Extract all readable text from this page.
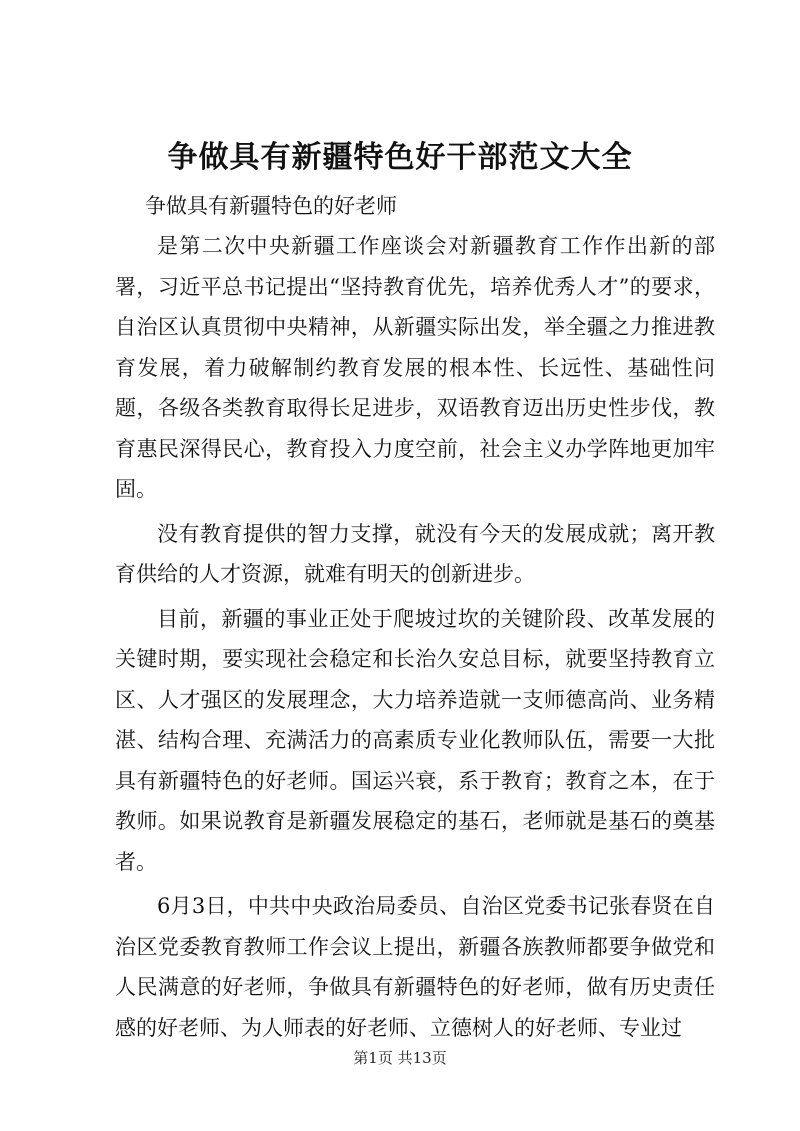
争做具有新疆特色好干部范文大全
争做具有新疆特色的好老师

是第二次中央新疆工作座谈会对新疆教育工作作出新的部署，习近平总书记提出“坚持教育优先，培养优秀人才”的要求，自治区认真贯彻中央精神，从新疆实际出发，举全疆之力推进教育发展，着力破解制约教育发展的根本性、长远性、基础性问题，各级各类教育取得长足进步，双语教育迈出历史性步伐，教育惠民深得民心，教育投入力度空前，社会主义办学阵地更加牢固。

没有教育提供的智力支撑，就没有今天的发展成就；离开教育供给的人才资源，就难有明天的创新进步。

目前，新疆的事业正处于爬坡过坎的关键阶段、改革发展的关键时期，要实现社会稳定和长治久安总目标，就要坚持教育立区、人才强区的发展理念，大力培养造就一支师德高尚、业务精湛、结构合理、充满活力的高素质专业化教师队伍，需要一大批具有新疆特色的好老师。国运兴衰，系于教育；教育之本，在于教师。如果说教育是新疆发展稳定的基石，老师就是基石的奠基者。

6月3日，中共中央政治局委员、自治区党委书记张春贤在自治区党委教育教师工作会议上提出，新疆各族教师都要争做党和人民满意的好老师，争做具有新疆特色的好老师，做有历史责任感的好老师、为人师表的好老师、立德树人的好老师、专业过

第1页 共13页
